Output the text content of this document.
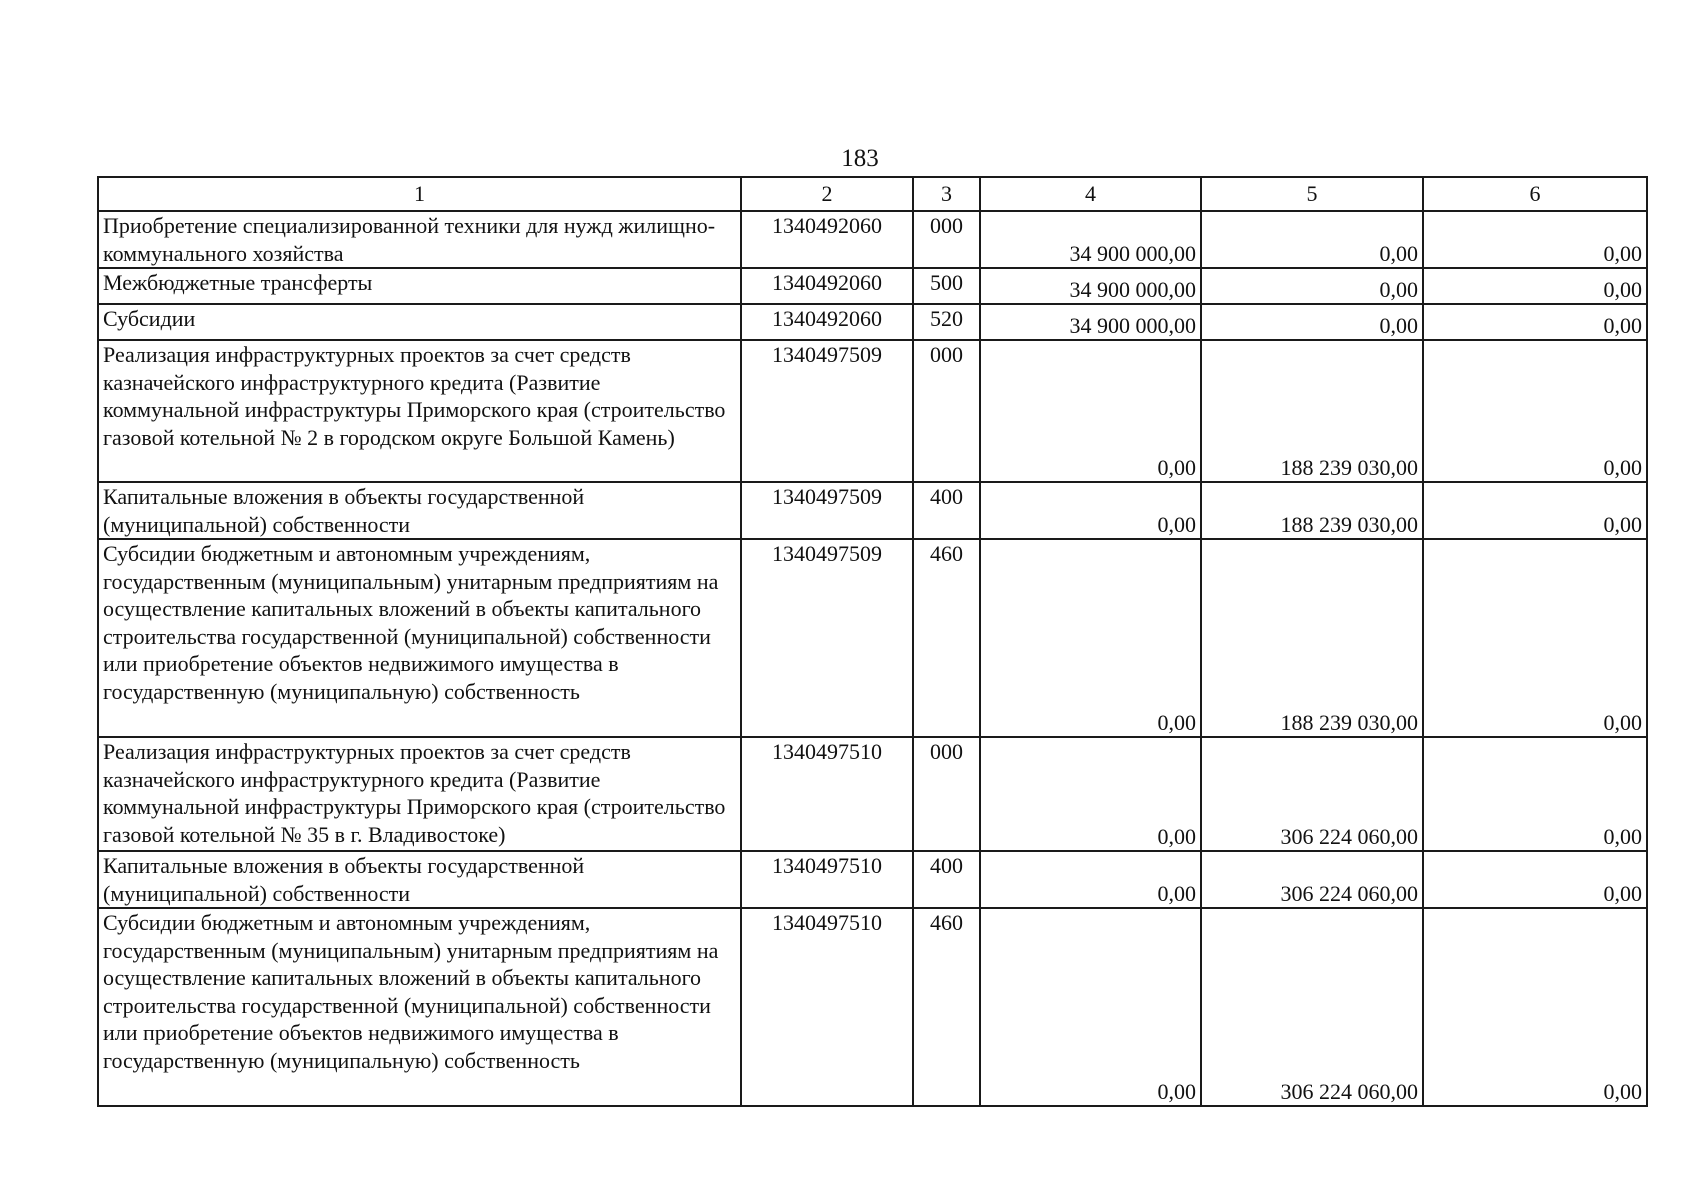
183
1	2	3	4	5	6
Приобретение специализированной техники для нужд жилищно-коммунального хозяйства	1340492060	000	34 900 000,00	0,00	0,00
Межбюджетные трансферты	1340492060	500	34 900 000,00	0,00	0,00
Субсидии	1340492060	520	34 900 000,00	0,00	0,00
Реализация инфраструктурных проектов за счет средств казначейского инфраструктурного кредита (Развитие коммунальной инфраструктуры Приморского края (строительство газовой котельной № 2 в городском округе Большой Камень)	1340497509	000	0,00	188 239 030,00	0,00
Капитальные вложения в объекты государственной (муниципальной) собственности	1340497509	400	0,00	188 239 030,00	0,00
Субсидии бюджетным и автономным учреждениям, государственным (муниципальным) унитарным предприятиям на осуществление капитальных вложений в объекты капитального строительства государственной (муниципальной) собственности или приобретение объектов недвижимого имущества в государственную (муниципальную) собственность	1340497509	460	0,00	188 239 030,00	0,00
Реализация инфраструктурных проектов за счет средств казначейского инфраструктурного кредита (Развитие коммунальной инфраструктуры Приморского края (строительство газовой котельной № 35 в г. Владивостоке)	1340497510	000	0,00	306 224 060,00	0,00
Капитальные вложения в объекты государственной (муниципальной) собственности	1340497510	400	0,00	306 224 060,00	0,00
Субсидии бюджетным и автономным учреждениям, государственным (муниципальным) унитарным предприятиям на осуществление капитальных вложений в объекты капитального строительства государственной (муниципальной) собственности или приобретение объектов недвижимого имущества в государственную (муниципальную) собственность	1340497510	460	0,00	306 224 060,00	0,00
